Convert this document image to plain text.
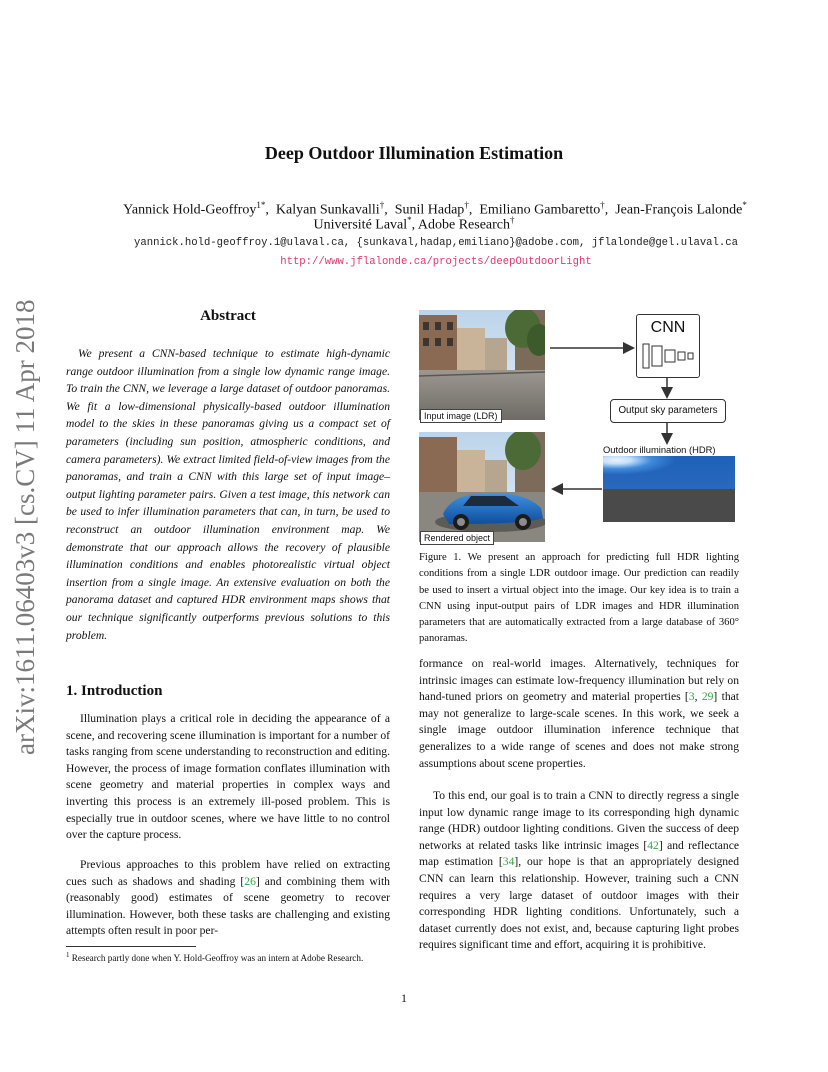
arXiv:1611.06403v3 [cs.CV] 11 Apr 2018
Deep Outdoor Illumination Estimation
Yannick Hold-Geoffroy$^{1*}$,  Kalyan Sunkavalli†,  Sunil Hadap†,  Emiliano Gambaretto†,  Jean-François Lalonde*
Université Laval*, Adobe Research†
yannick.hold-geoffroy.1@ulaval.ca, {sunkaval,hadap,emiliano}@adobe.com, jflalonde@gel.ulaval.ca
http://www.jflalonde.ca/projects/deepOutdoorLight
Abstract

We present a CNN-based technique to estimate high-dynamic range outdoor illumination from a single low dynamic range image. To train the CNN, we leverage a large dataset of outdoor panoramas. We fit a low-dimensional physically-based outdoor illumination model to the skies in these panoramas giving us a compact set of parameters (including sun position, atmospheric conditions, and camera parameters). We extract limited field-of-view images from the panoramas, and train a CNN with this large set of input image–output lighting parameter pairs. Given a test image, this network can be used to infer illumination parameters that can, in turn, be used to reconstruct an outdoor illumination environment map. We demonstrate that our approach allows the recovery of plausible illumination conditions and enables photorealistic virtual object insertion from a single image. An extensive evaluation on both the panorama dataset and captured HDR environment maps shows that our technique significantly outperforms previous solutions to this problem.

1. Introduction

Illumination plays a critical role in deciding the appearance of a scene, and recovering scene illumination is important for a number of tasks ranging from scene understanding to reconstruction and editing. However, the process of image formation conflates illumination with scene geometry and material properties in complex ways and inverting this process is an extremely ill-posed problem. This is especially true in outdoor scenes, where we have little to no control over the capture process.

Previous approaches to this problem have relied on extracting cues such as shadows and shading [26] and combining them with (reasonably good) estimates of scene geometry to recover illumination. However, both these tasks are challenging and existing attempts often result in poor per-

$^1$ Research partly done when Y. Hold-Geoffroy was an intern at Adobe Research.
Input image (LDR)
Rendered object
CNN
Output sky parameters
Outdoor illumination (HDR)

Figure 1. We present an approach for predicting full HDR lighting conditions from a single LDR outdoor image. Our prediction can readily be used to insert a virtual object into the image. Our key idea is to train a CNN using input-output pairs of LDR images and HDR illumination parameters that are automatically extracted from a large database of 360° panoramas.

formance on real-world images. Alternatively, techniques for intrinsic images can estimate low-frequency illumination but rely on hand-tuned priors on geometry and material properties [3, 29] that may not generalize to large-scale scenes. In this work, we seek a single image outdoor illumination inference technique that generalizes to a wide range of scenes and does not make strong assumptions about scene properties.

To this end, our goal is to train a CNN to directly regress a single input low dynamic range image to its corresponding high dynamic range (HDR) outdoor lighting conditions. Given the success of deep networks at related tasks like intrinsic images [42] and reflectance map estimation [34], our hope is that an appropriately designed CNN can learn this relationship. However, training such a CNN requires a very large dataset of outdoor images with their corresponding HDR lighting conditions. Unfortunately, such a dataset currently does not exist, and, because capturing light probes requires significant time and effort, acquiring it is prohibitive.

1
